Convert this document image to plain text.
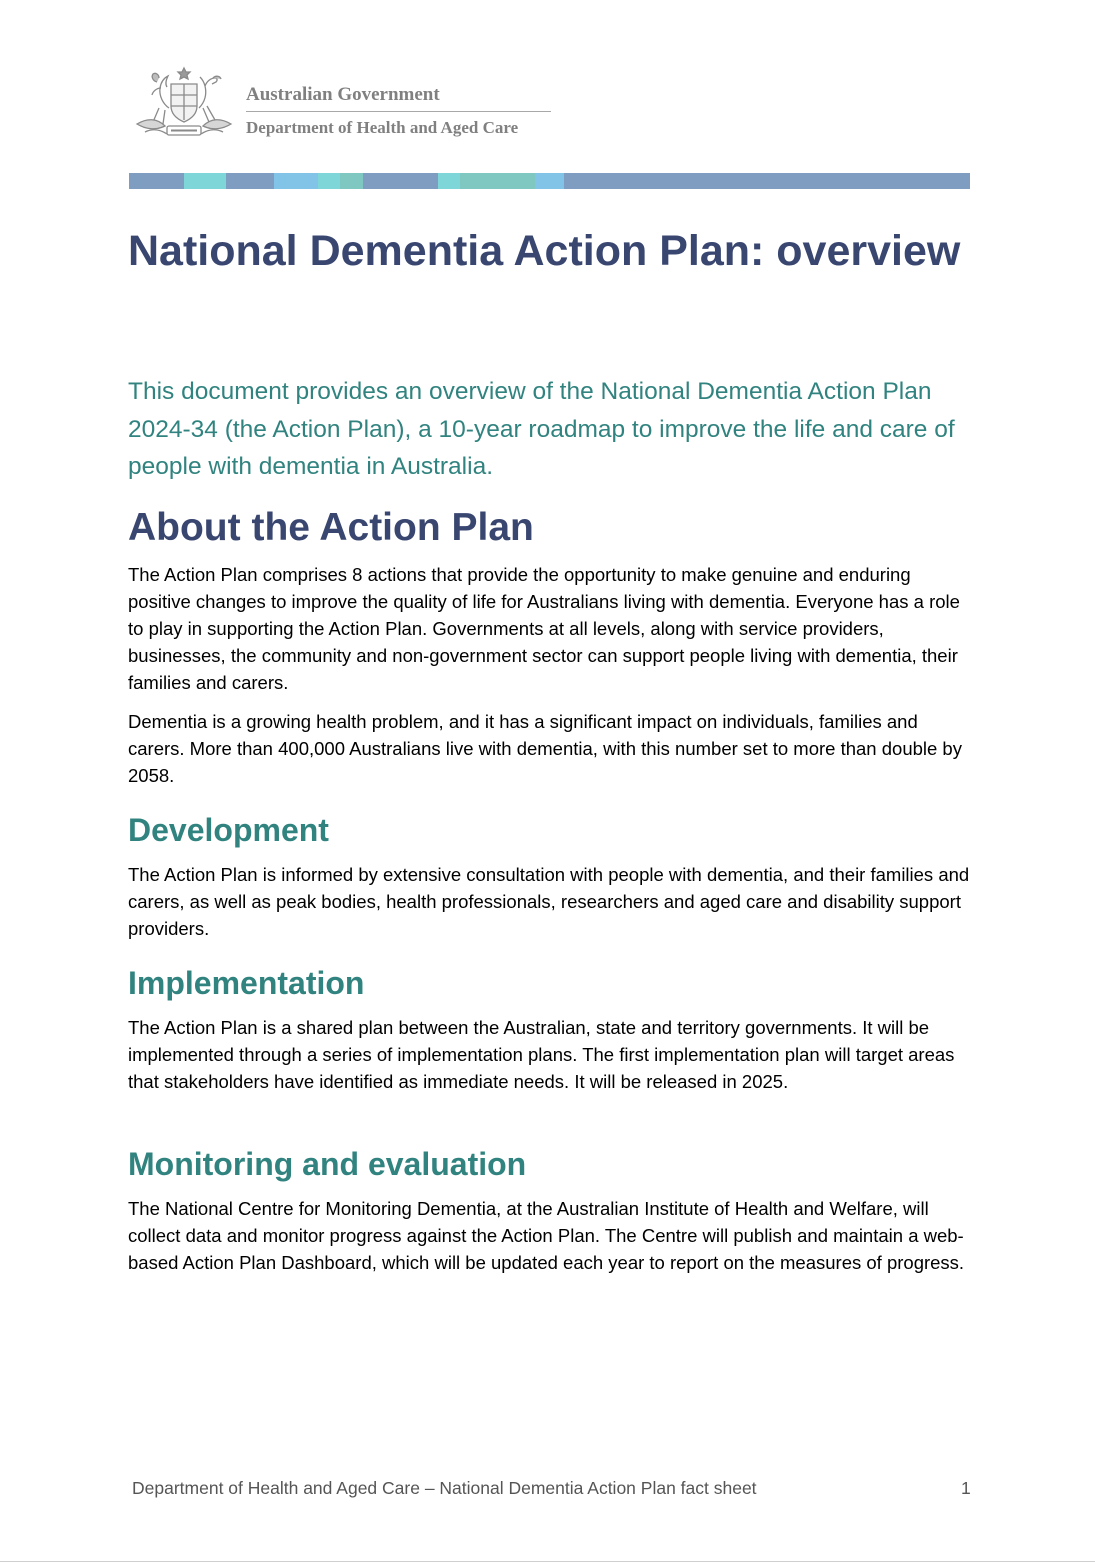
Australian Government
Department of Health and Aged Care
National Dementia Action Plan: overview

This document provides an overview of the National Dementia Action Plan 2024-34 (the Action Plan), a 10-year roadmap to improve the life and care of people with dementia in Australia.

About the Action Plan

The Action Plan comprises 8 actions that provide the opportunity to make genuine and enduring positive changes to improve the quality of life for Australians living with dementia. Everyone has a role to play in supporting the Action Plan. Governments at all levels, along with service providers, businesses, the community and non-government sector can support people living with dementia, their families and carers.

Dementia is a growing health problem, and it has a significant impact on individuals, families and carers. More than 400,000 Australians live with dementia, with this number set to more than double by 2058.

Development

The Action Plan is informed by extensive consultation with people with dementia, and their families and carers, as well as peak bodies, health professionals, researchers and aged care and disability support providers.

Implementation

The Action Plan is a shared plan between the Australian, state and territory governments. It will be implemented through a series of implementation plans. The first implementation plan will target areas that stakeholders have identified as immediate needs. It will be released in 2025.

Monitoring and evaluation

The National Centre for Monitoring Dementia, at the Australian Institute of Health and Welfare, will collect data and monitor progress against the Action Plan. The Centre will publish and maintain a web-based Action Plan Dashboard, which will be updated each year to report on the measures of progress.

Department of Health and Aged Care – National Dementia Action Plan fact sheet	1
